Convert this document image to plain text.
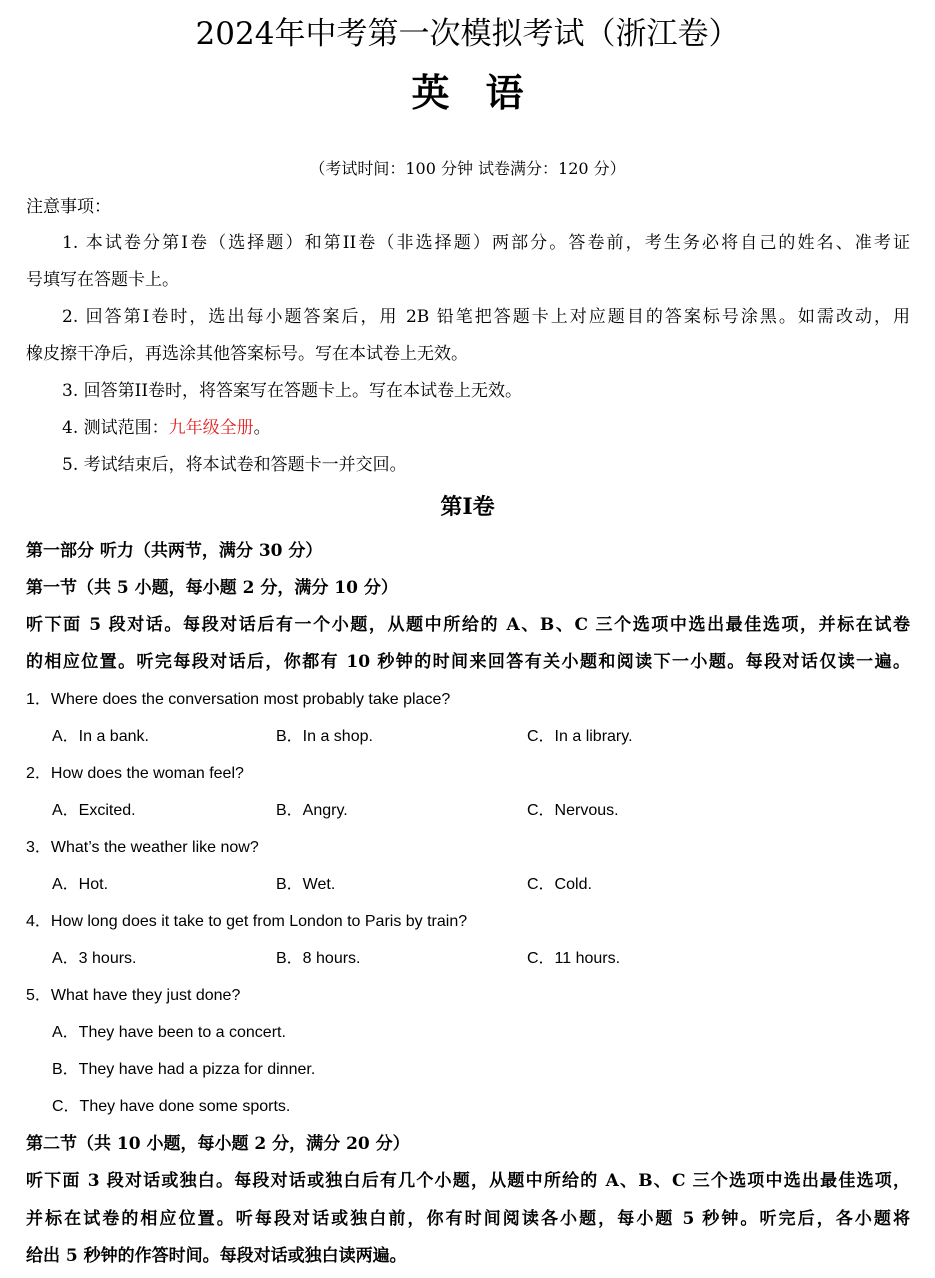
2024年中考第一次模拟考试（浙江卷）
英语
（考试时间：100 分钟 试卷满分：120 分）
注意事项：
1. 本试卷分第I卷（选择题）和第II卷（非选择题）两部分。答卷前，考生务必将自己的姓名、准考证
号填写在答题卡上。
2. 回答第I卷时，选出每小题答案后，用 2B 铅笔把答题卡上对应题目的答案标号涂黑。如需改动，用
橡皮擦干净后，再选涂其他答案标号。写在本试卷上无效。
3. 回答第II卷时，将答案写在答题卡上。写在本试卷上无效。
4. 测试范围：九年级全册。
5. 考试结束后，将本试卷和答题卡一并交回。
第I卷
第一部分 听力（共两节，满分 30 分）
第一节（共 5 小题，每小题 2 分，满分 10 分）
听下面 5 段对话。每段对话后有一个小题，从题中所给的 A、B、C 三个选项中选出最佳选项，并标在试卷
的相应位置。听完每段对话后，你都有 10 秒钟的时间来回答有关小题和阅读下一小题。每段对话仅读一遍。
1．Where does the conversation most probably take place?
A．In a bank.	B．In a shop.	C．In a library.
2．How does the woman feel?
A．Excited.	B．Angry.	C．Nervous.
3．What’s the weather like now?
A．Hot.	B．Wet.	C．Cold.
4．How long does it take to get from London to Paris by train?
A．3 hours.	B．8 hours.	C．11 hours.
5．What have they just done?
A．They have been to a concert.
B．They have had a pizza for dinner.
C．They have done some sports.
第二节（共 10 小题，每小题 2 分，满分 20 分）
听下面 3 段对话或独白。每段对话或独白后有几个小题，从题中所给的 A、B、C 三个选项中选出最佳选项，
并标在试卷的相应位置。听每段对话或独白前，你有时间阅读各小题，每小题 5 秒钟。听完后，各小题将
给出 5 秒钟的作答时间。每段对话或独白读两遍。
